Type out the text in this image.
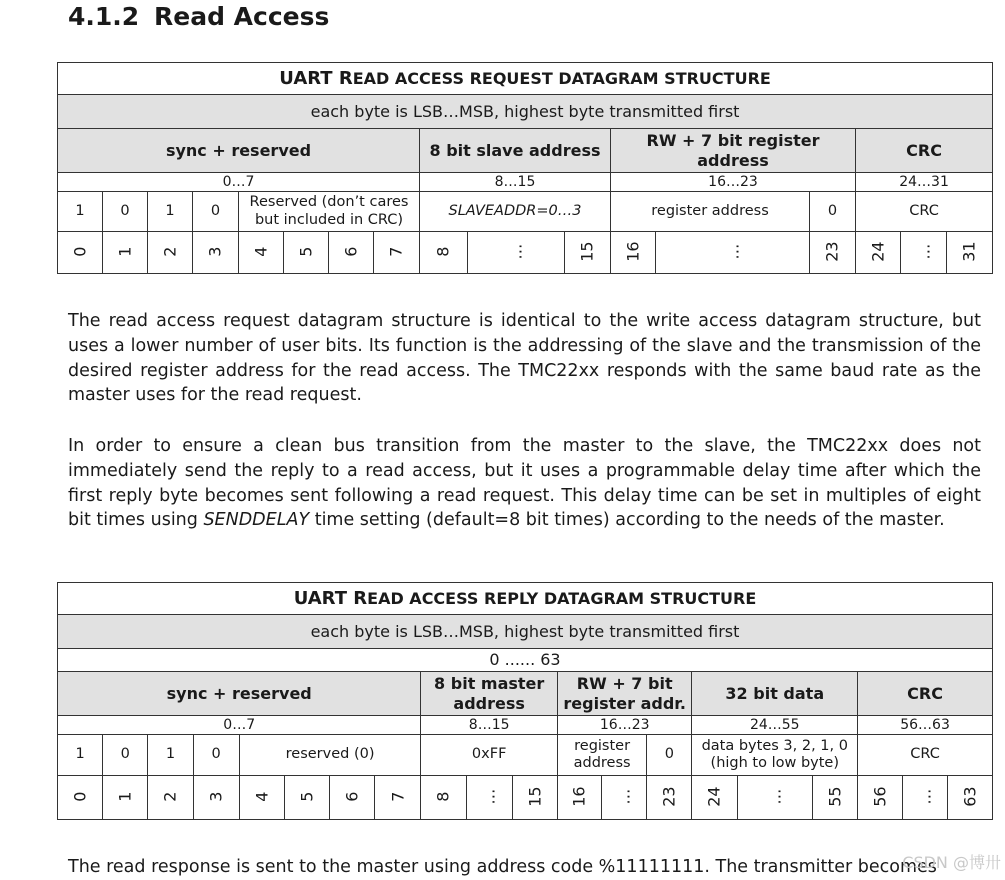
4.1.2 Read Access
UART READ ACCESS REQUEST DATAGRAM STRUCTURE																
each byte is LSB…MSB, highest byte transmitted first																
sync + reserved								8 bit slave address			RW + 7 bit register address			CRC		
0…7								8…15			16…23			24…31		
1	0	1	0	Reserved (don’t cares but included in CRC)				SLAVEADDR=0…3			register address		0	CRC		
0	1	2	3	4	5	6	7	8	…	15	16	…	23	24	…	31

The read access request datagram structure is identical to the write access datagram structure, but uses a lower number of user bits. Its function is the addressing of the slave and the transmission of the desired register address for the read access. The TMC22xx responds with the same baud rate as the master uses for the read request.

In order to ensure a clean bus transition from the master to the slave, the TMC22xx does not immediately send the reply to a read access, but it uses a programmable delay time after which the first reply byte becomes sent following a read request. This delay time can be set in multiples of eight bit times using SENDDELAY time setting (default=8 bit times) according to the needs of the master.

UART READ ACCESS REPLY DATAGRAM STRUCTURE																			
each byte is LSB…MSB, highest byte transmitted first																			
0 ...... 63																			
sync + reserved								8 bit master address			RW + 7 bit register addr.			32 bit data			CRC		
0…7								8…15			16…23			24…55			56…63		
1	0	1	0	reserved (0)				0xFF			register address		0	data bytes 3, 2, 1, 0 (high to low byte)			CRC		
0	1	2	3	4	5	6	7	8	…	15	16	…	23	24	…	55	56	…	63

The read response is sent to the master using address code %11111111. The transmitter becomes

CSDN @博卅
